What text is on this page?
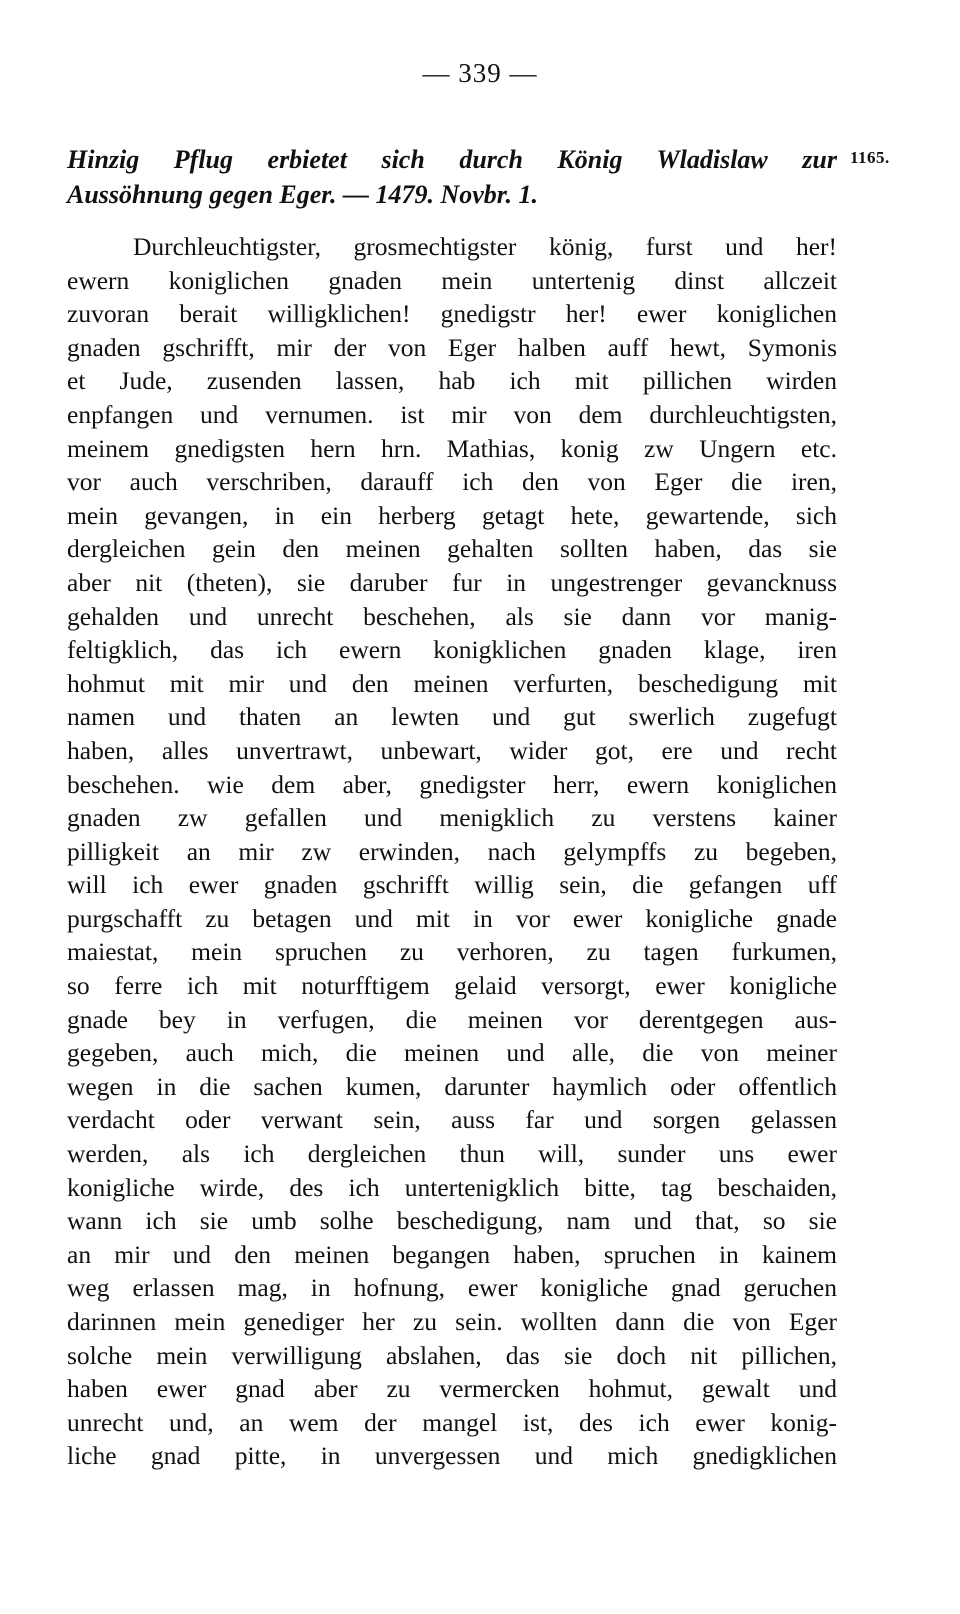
— 339 —
Hinzig Pflug erbietet sich durch König Wladislaw zur
Aussöhnung gegen Eger. — 1479. Novbr. 1.
1165.
Durchleuchtigster, grosmechtigster könig, furst und her!
ewern koniglichen gnaden mein untertenig dinst allczeit
zuvoran berait willigklichen! gnedigstr her! ewer koniglichen
gnaden gschrifft, mir der von Eger halben auff hewt, Symonis
et Jude, zusenden lassen, hab ich mit pillichen wirden
enpfangen und vernumen. ist mir von dem durchleuchtigsten,
meinem gnedigsten hern hrn. Mathias, konig zw Ungern etc.
vor auch verschriben, darauff ich den von Eger die iren,
mein gevangen, in ein herberg getagt hete, gewartende, sich
dergleichen gein den meinen gehalten sollten haben, das sie
aber nit (theten), sie daruber fur in ungestrenger gevancknuss
gehalden und unrecht beschehen, als sie dann vor manig-
feltigklich, das ich ewern konigklichen gnaden klage, iren
hohmut mit mir und den meinen verfurten, beschedigung mit
namen und thaten an lewten und gut swerlich zugefugt
haben, alles unvertrawt, unbewart, wider got, ere und recht
beschehen. wie dem aber, gnedigster herr, ewern koniglichen
gnaden zw gefallen und menigklich zu verstens kainer
pilligkeit an mir zw erwinden, nach gelympffs zu begeben,
will ich ewer gnaden gschrifft willig sein, die gefangen uff
purgschafft zu betagen und mit in vor ewer konigliche gnade
maiestat, mein spruchen zu verhoren, zu tagen furkumen,
so ferre ich mit noturfftigem gelaid versorgt, ewer konigliche
gnade bey in verfugen, die meinen vor derentgegen aus-
gegeben, auch mich, die meinen und alle, die von meiner
wegen in die sachen kumen, darunter haymlich oder offentlich
verdacht oder verwant sein, auss far und sorgen gelassen
werden, als ich dergleichen thun will, sunder uns ewer
konigliche wirde, des ich untertenigklich bitte, tag beschaiden,
wann ich sie umb solhe beschedigung, nam und that, so sie
an mir und den meinen begangen haben, spruchen in kainem
weg erlassen mag, in hofnung, ewer konigliche gnad geruchen
darinnen mein genediger her zu sein. wollten dann die von Eger
solche mein verwilligung abslahen, das sie doch nit pillichen,
haben ewer gnad aber zu vermercken hohmut, gewalt und
unrecht und, an wem der mangel ist, des ich ewer konig-
liche gnad pitte, in unvergessen und mich gnedigklichen
